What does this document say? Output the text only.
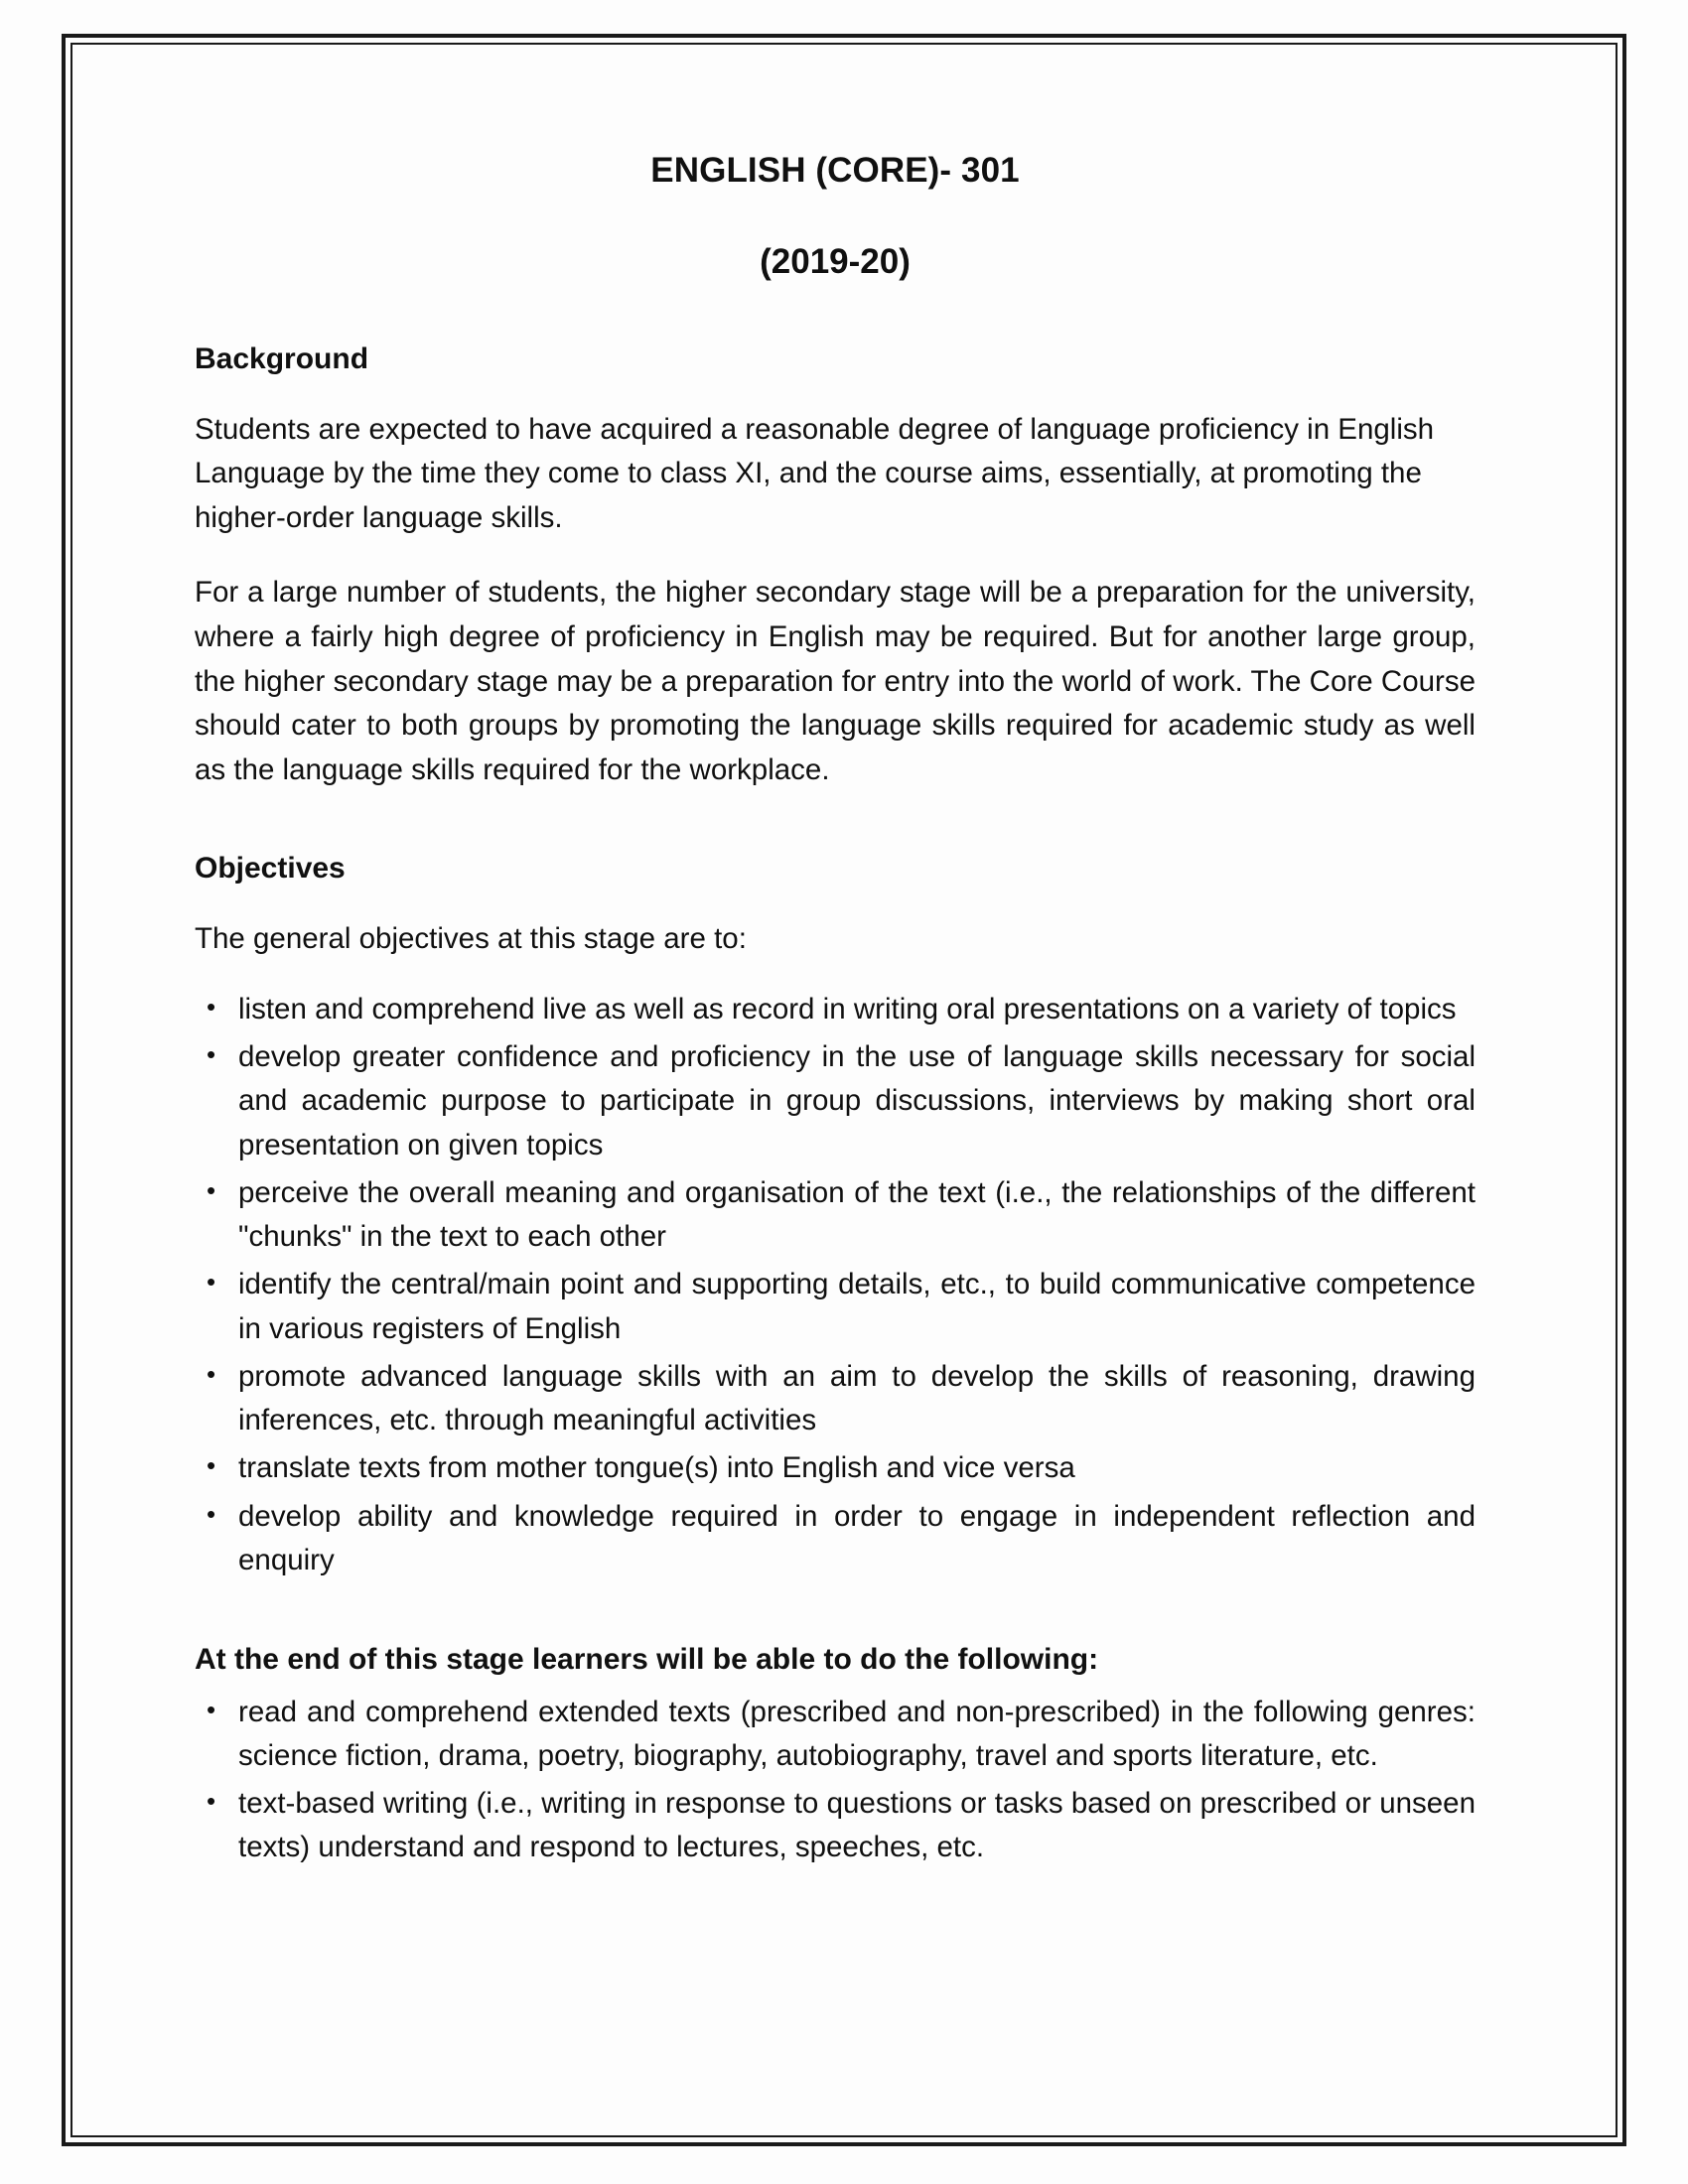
ENGLISH (CORE)- 301
(2019-20)
Background

Students are expected to have acquired a reasonable degree of language proficiency in English Language by the time they come to class XI, and the course aims, essentially, at promoting the higher-order language skills.

For a large number of students, the higher secondary stage will be a preparation for the university, where a fairly high degree of proficiency in English may be required. But for another large group, the higher secondary stage may be a preparation for entry into the world of work. The Core Course should cater to both groups by promoting the language skills required for academic study as well as the language skills required for the workplace.

Objectives

The general objectives at this stage are to:

• listen and comprehend live as well as record in writing oral presentations on a variety of topics
• develop greater confidence and proficiency in the use of language skills necessary for social and academic purpose to participate in group discussions, interviews by making short oral presentation on given topics
• perceive the overall meaning and organisation of the text (i.e., the relationships of the different "chunks" in the text to each other
• identify the central/main point and supporting details, etc., to build communicative competence in various registers of English
• promote advanced language skills with an aim to develop the skills of reasoning, drawing inferences, etc. through meaningful activities
• translate texts from mother tongue(s) into English and vice versa
• develop ability and knowledge required in order to engage in independent reflection and enquiry
At the end of this stage learners will be able to do the following:
• read and comprehend extended texts (prescribed and non-prescribed) in the following genres: science fiction, drama, poetry, biography, autobiography, travel and sports literature, etc.
• text-based writing (i.e., writing in response to questions or tasks based on prescribed or unseen texts) understand and respond to lectures, speeches, etc.
